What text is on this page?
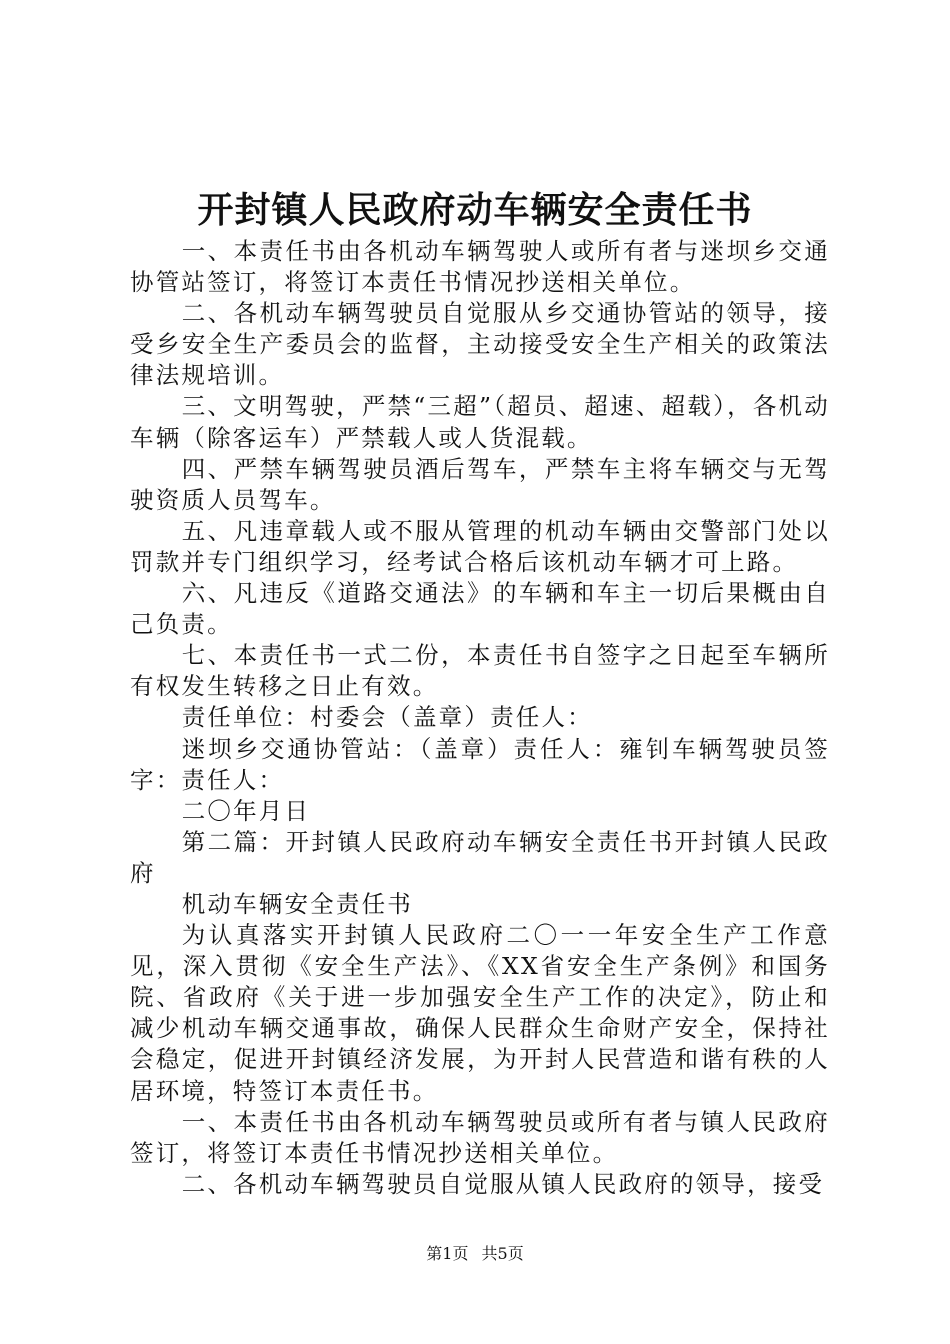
开封镇人民政府动车辆安全责任书

一、本责任书由各机动车辆驾驶人或所有者与迷坝乡交通协管站签订，将签订本责任书情况抄送相关单位。

二、各机动车辆驾驶员自觉服从乡交通协管站的领导，接受乡安全生产委员会的监督，主动接受安全生产相关的政策法律法规培训。

三、文明驾驶，严禁“三超”（超员、超速、超载），各机动车辆（除客运车）严禁载人或人货混载。

四、严禁车辆驾驶员酒后驾车，严禁车主将车辆交与无驾驶资质人员驾车。

五、凡违章载人或不服从管理的机动车辆由交警部门处以罚款并专门组织学习，经考试合格后该机动车辆才可上路。

六、凡违反《道路交通法》的车辆和车主一切后果概由自己负责。

七、本责任书一式二份，本责任书自签字之日起至车辆所有权发生转移之日止有效。

责任单位：村委会（盖章）责任人：

迷坝乡交通协管站：（盖章）责任人：雍钊车辆驾驶员签字：责任人：

二〇年月日

第二篇：开封镇人民政府动车辆安全责任书开封镇人民政府

机动车辆安全责任书

为认真落实开封镇人民政府二〇一一年安全生产工作意见，深入贯彻《安全生产法》、《XX省安全生产条例》和国务院、省政府《关于进一步加强安全生产工作的决定》，防止和减少机动车辆交通事故，确保人民群众生命财产安全，保持社会稳定，促进开封镇经济发展，为开封人民营造和谐有秩的人居环境，特签订本责任书。

一、本责任书由各机动车辆驾驶员或所有者与镇人民政府签订，将签订本责任书情况抄送相关单位。

二、各机动车辆驾驶员自觉服从镇人民政府的领导，接受

第1页 共5页
